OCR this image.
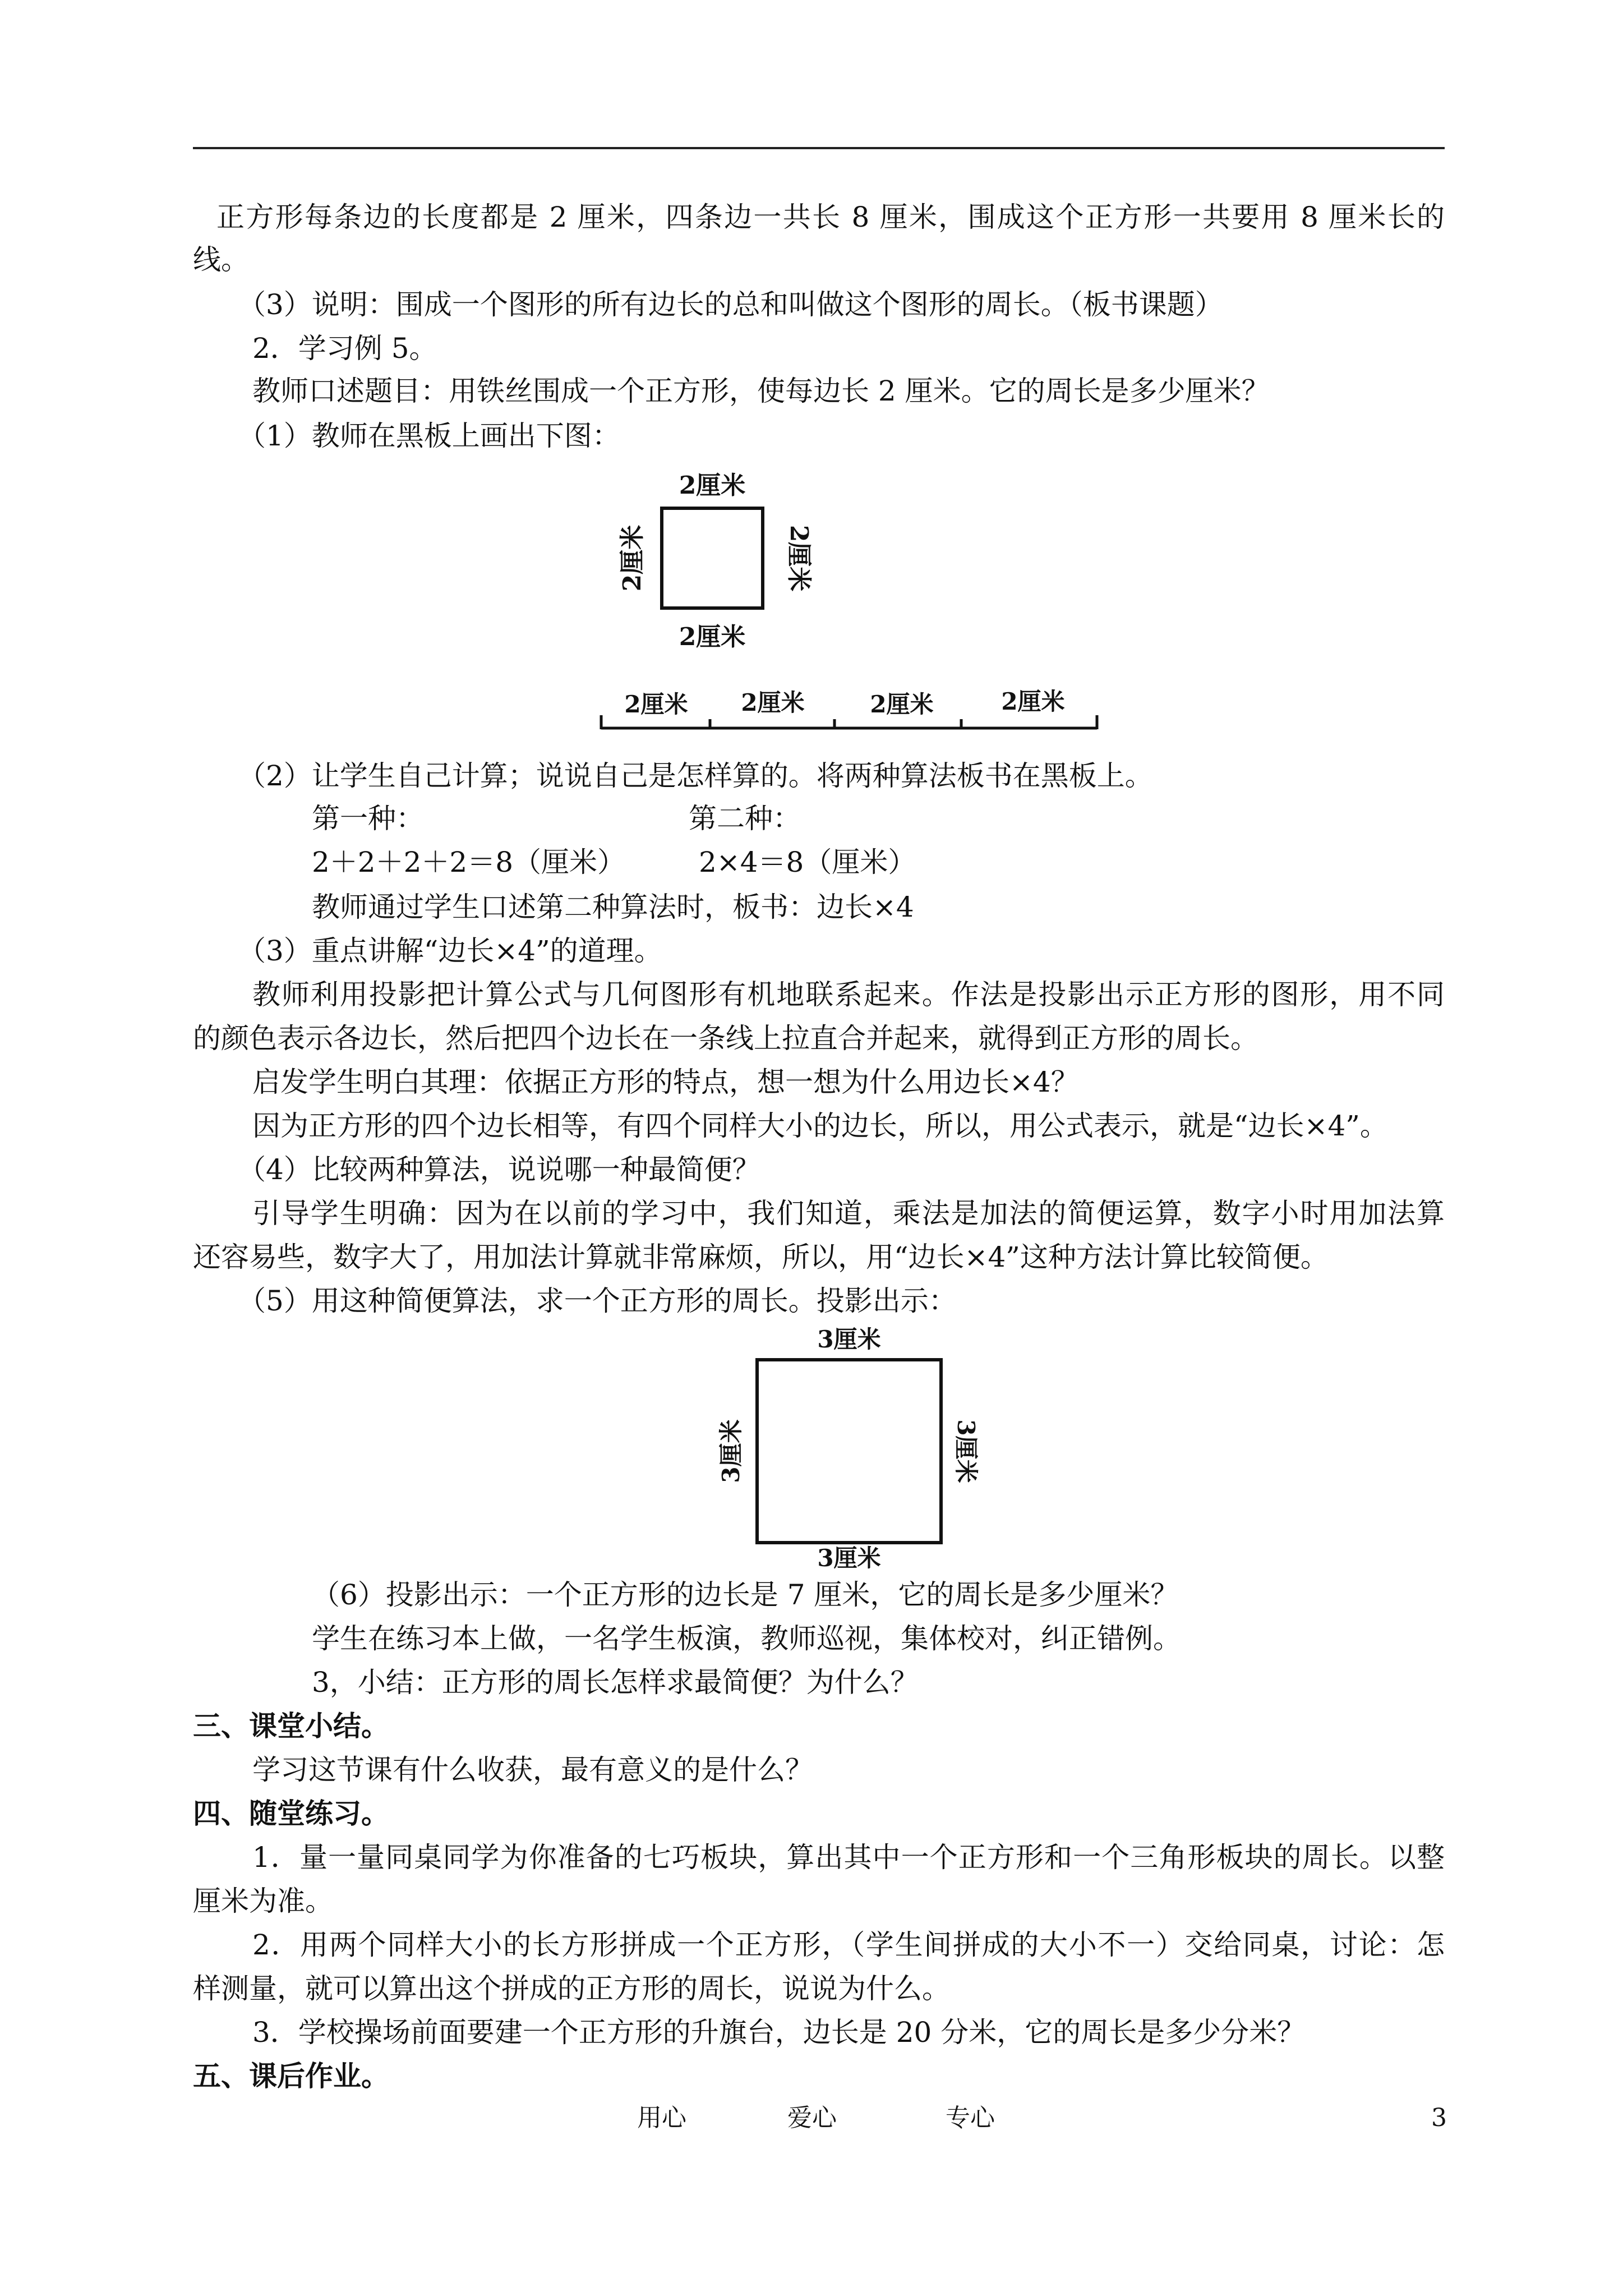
正方形每条边的长度都是 2 厘米，四条边一共长 8 厘米，围成这个正方形一共要用 8 厘米长的
线。
（3）说明：围成一个图形的所有边长的总和叫做这个图形的周长。（板书课题）
2．学习例 5。
教师口述题目：用铁丝围成一个正方形，使每边长 2 厘米。它的周长是多少厘米？
（1）教师在黑板上画出下图：
2厘米
2厘米
2厘米	2厘米
2厘米 2厘米	2厘米	2厘米
（2）让学生自己计算；说说自己是怎样算的。将两种算法板书在黑板上。
第一种：	第二种：
2＋2＋2＋2＝8（厘米）	2×4＝8（厘米）
教师通过学生口述第二种算法时，板书：边长×4
（3）重点讲解“边长×4”的道理。
教师利用投影把计算公式与几何图形有机地联系起来。作法是投影出示正方形的图形，用不同
的颜色表示各边长，然后把四个边长在一条线上拉直合并起来，就得到正方形的周长。
启发学生明白其理：依据正方形的特点，想一想为什么用边长×4？
因为正方形的四个边长相等，有四个同样大小的边长，所以，用公式表示，就是“边长×4”。
（4）比较两种算法，说说哪一种最简便？
引导学生明确：因为在以前的学习中，我们知道，乘法是加法的简便运算，数字小时用加法算
还容易些，数字大了，用加法计算就非常麻烦，所以，用“边长×4”这种方法计算比较简便。
（5）用这种简便算法，求一个正方形的周长。投影出示：
3厘米
3厘米
3厘米	3厘米
（6）投影出示：一个正方形的边长是 7 厘米，它的周长是多少厘米？
学生在练习本上做，一名学生板演，教师巡视，集体校对，纠正错例。
3，小结：正方形的周长怎样求最简便？为什么？
三、课堂小结。
学习这节课有什么收获，最有意义的是什么？
四、随堂练习。
1．量一量同桌同学为你准备的七巧板块，算出其中一个正方形和一个三角形板块的周长。以整
厘米为准。
2．用两个同样大小的长方形拼成一个正方形，（学生间拼成的大小不一）交给同桌，讨论：怎
样测量，就可以算出这个拼成的正方形的周长，说说为什么。
3．学校操场前面要建一个正方形的升旗台，边长是 20 分米，它的周长是多少分米？
五、课后作业。
用心	爱心	专心	3
